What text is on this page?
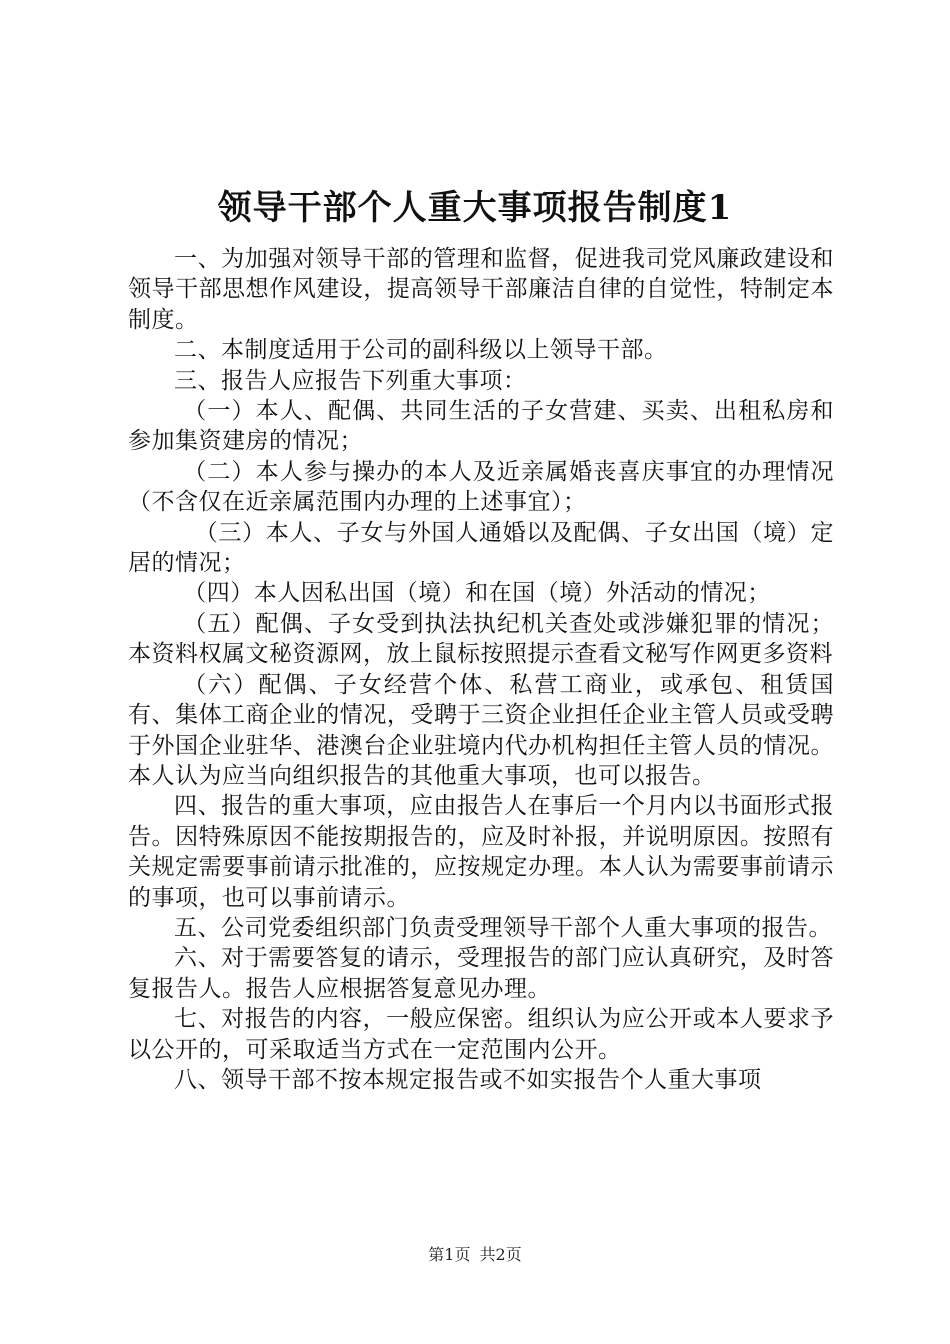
领导干部个人重大事项报告制度1

一、为加强对领导干部的管理和监督，促进我司党风廉政建设和领导干部思想作风建设，提高领导干部廉洁自律的自觉性，特制定本制度。

二、本制度适用于公司的副科级以上领导干部。

三、报告人应报告下列重大事项：

（一）本人、配偶、共同生活的子女营建、买卖、出租私房和参加集资建房的情况；

（二）本人参与操办的本人及近亲属婚丧喜庆事宜的办理情况（不含仅在近亲属范围内办理的上述事宜）；

（三）本人、子女与外国人通婚以及配偶、子女出国（境）定居的情况；

（四）本人因私出国（境）和在国（境）外活动的情况；

（五）配偶、子女受到执法执纪机关查处或涉嫌犯罪的情况；本资料权属文秘资源网，放上鼠标按照提示查看文秘写作网更多资料

（六）配偶、子女经营个体、私营工商业，或承包、租赁国有、集体工商企业的情况，受聘于三资企业担任企业主管人员或受聘于外国企业驻华、港澳台企业驻境内代办机构担任主管人员的情况。本人认为应当向组织报告的其他重大事项，也可以报告。

四、报告的重大事项，应由报告人在事后一个月内以书面形式报告。因特殊原因不能按期报告的，应及时补报，并说明原因。按照有关规定需要事前请示批准的，应按规定办理。本人认为需要事前请示的事项，也可以事前请示。

五、公司党委组织部门负责受理领导干部个人重大事项的报告。

六、对于需要答复的请示，受理报告的部门应认真研究，及时答复报告人。报告人应根据答复意见办理。

七、对报告的内容，一般应保密。组织认为应公开或本人要求予以公开的，可采取适当方式在一定范围内公开。

八、领导干部不按本规定报告或不如实报告个人重大事项

第1页 共2页
